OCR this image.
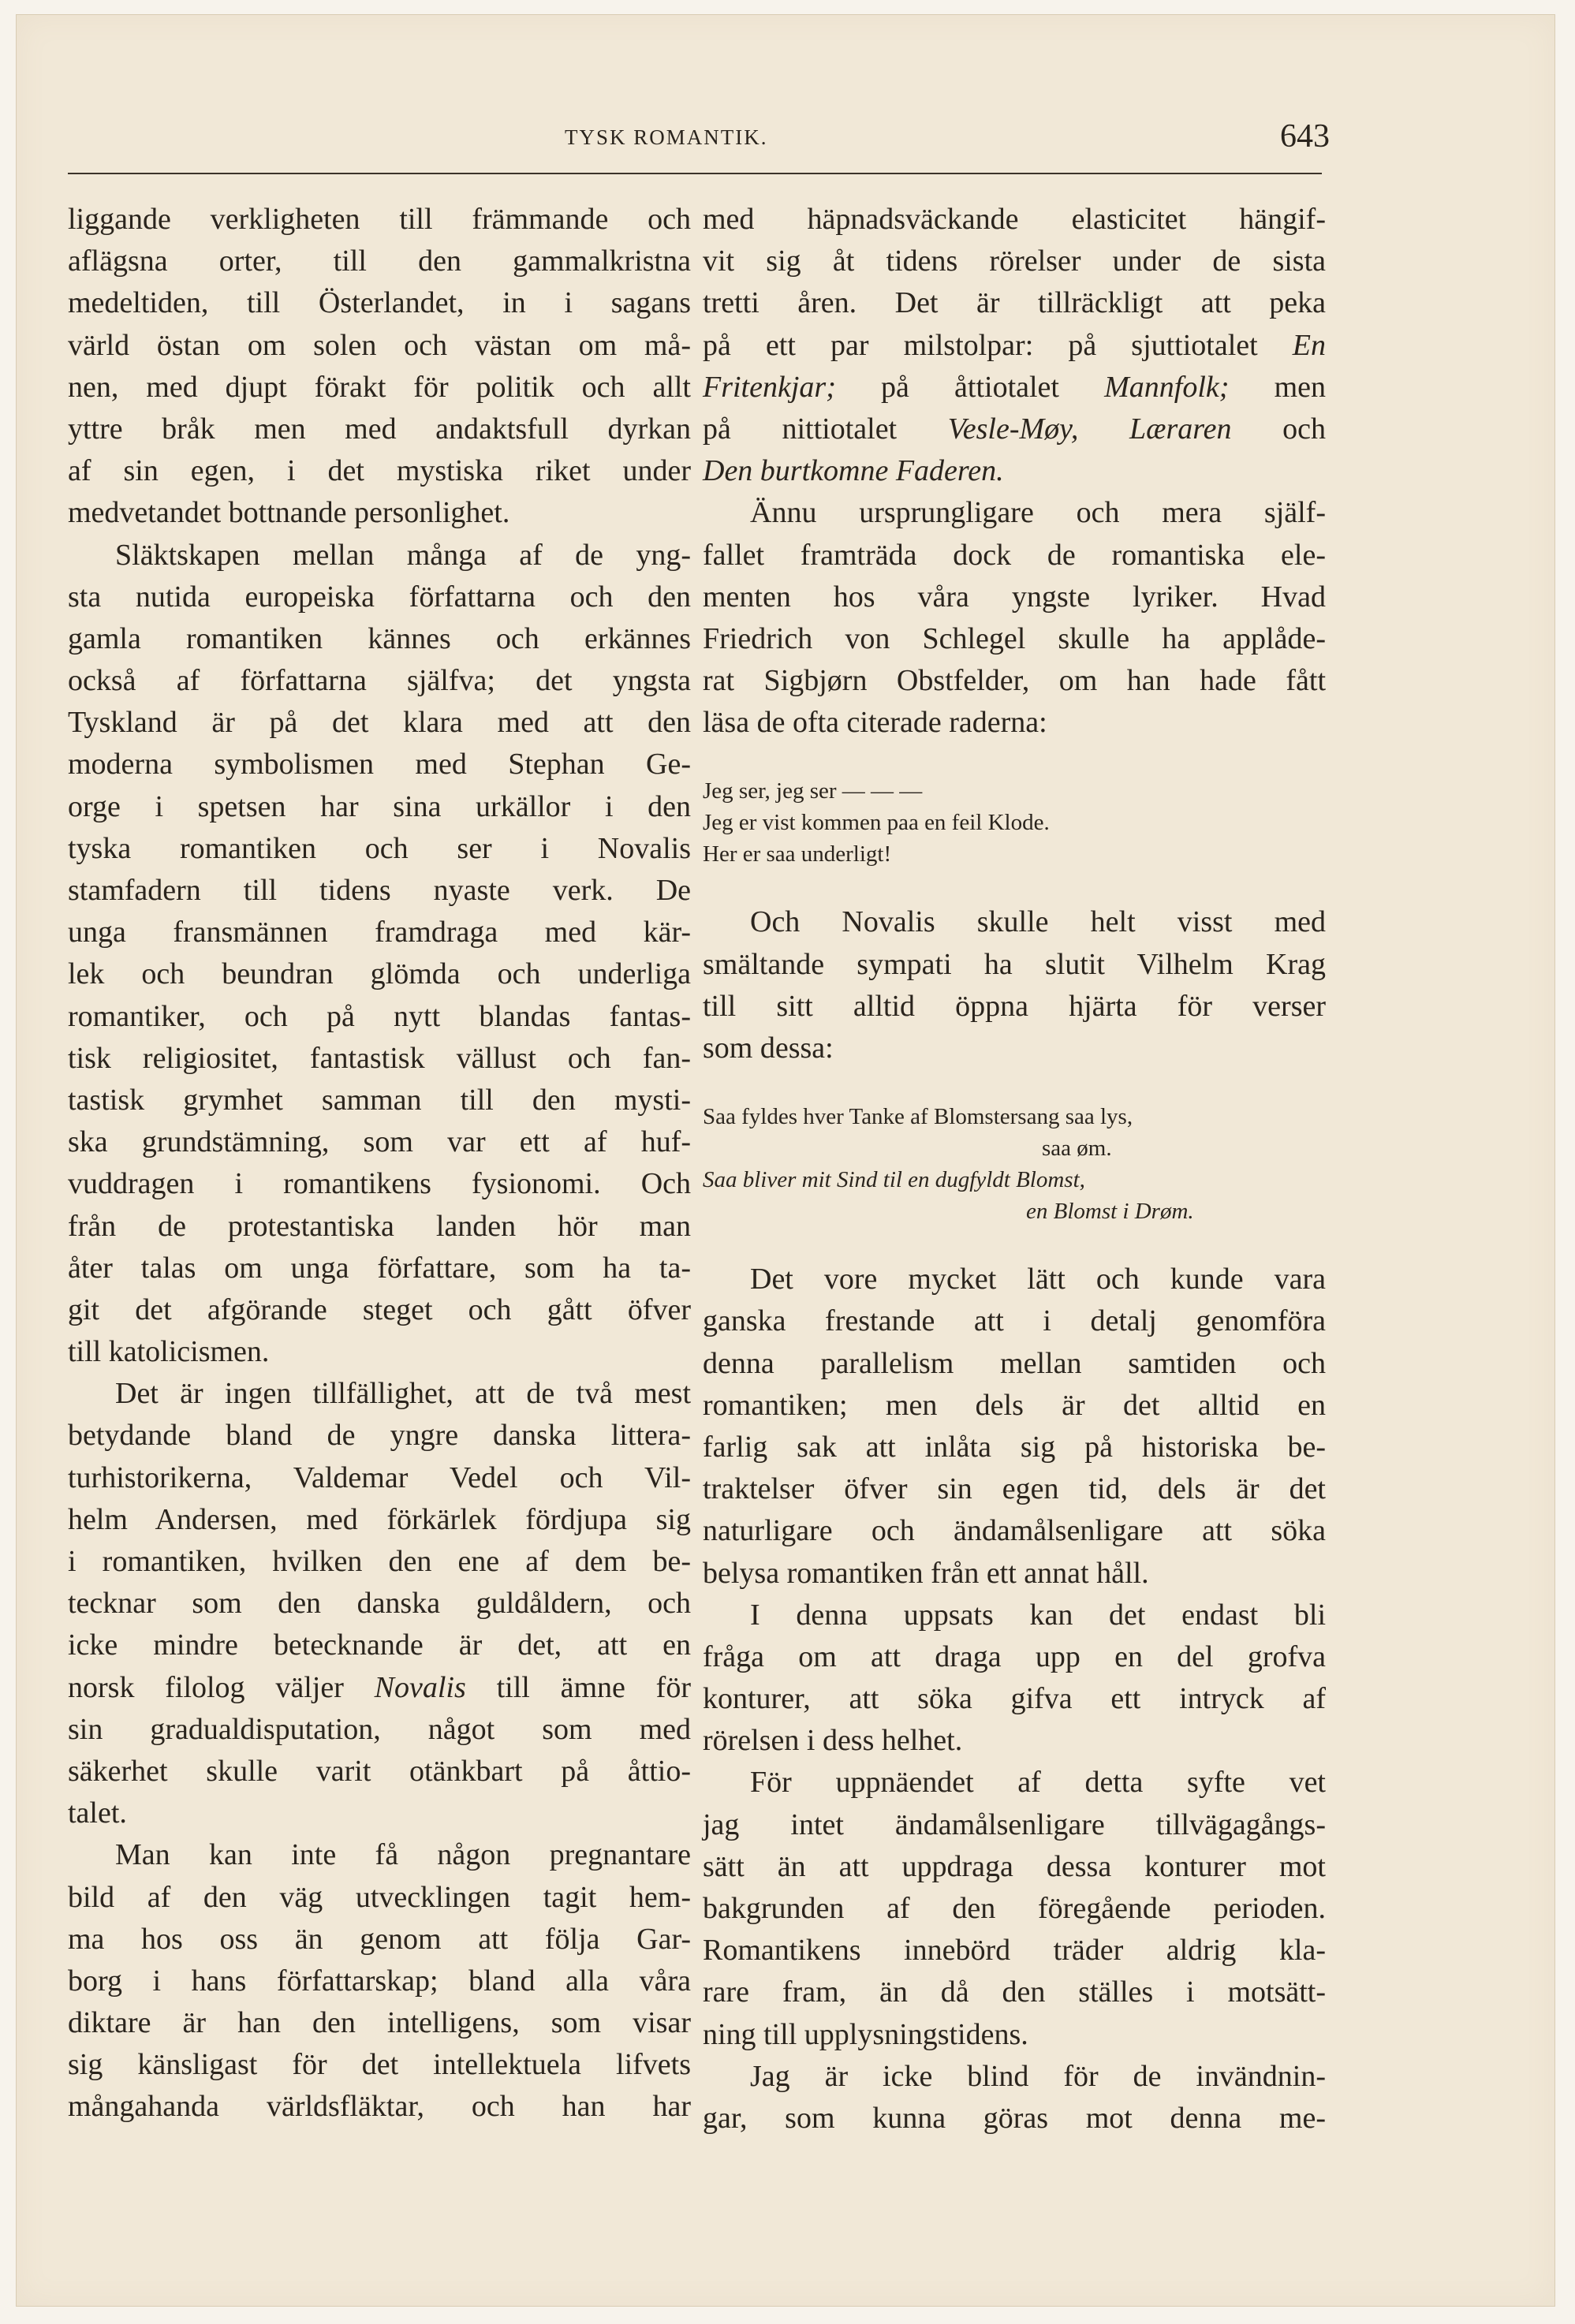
TYSK ROMANTIK.	643
liggande verkligheten till främmande och
aflägsna orter, till den gammalkristna
medeltiden, till Österlandet, in i sagans
värld östan om solen och västan om må-
nen, med djupt förakt för politik och allt
yttre bråk men med andaktsfull dyrkan
af sin egen, i det mystiska riket under
medvetandet bottnande personlighet.
Släktskapen mellan många af de yng-
sta nutida europeiska författarna och den
gamla romantiken kännes och erkännes
också af författarna själfva; det yngsta
Tyskland är på det klara med att den
moderna symbolismen med Stephan Ge-
orge i spetsen har sina urkällor i den
tyska romantiken och ser i Novalis
stamfadern till tidens nyaste verk. De
unga fransmännen framdraga med kär-
lek och beundran glömda och underliga
romantiker, och på nytt blandas fantas-
tisk religiositet, fantastisk vällust och fan-
tastisk grymhet samman till den mysti-
ska grundstämning, som var ett af huf-
vuddragen i romantikens fysionomi. Och
från de protestantiska landen hör man
åter talas om unga författare, som ha ta-
git det afgörande steget och gått öfver
till katolicismen.
Det är ingen tillfällighet, att de två mest
betydande bland de yngre danska littera-
turhistorikerna, Valdemar Vedel och Vil-
helm Andersen, med förkärlek fördjupa sig
i romantiken, hvilken den ene af dem be-
tecknar som den danska guldåldern, och
icke mindre betecknande är det, att en
norsk filolog väljer Novalis till ämne för
sin gradualdisputation, något som med
säkerhet skulle varit otänkbart på åttio-
talet.
Man kan inte få någon pregnantare
bild af den väg utvecklingen tagit hem-
ma hos oss än genom att följa Gar-
borg i hans författarskap; bland alla våra
diktare är han den intelligens, som visar
sig känsligast för det intellektuela lifvets
mångahanda världsfläktar, och han har
med häpnadsväckande elasticitet hängif-
vit sig åt tidens rörelser under de sista
tretti åren. Det är tillräckligt att peka
på ett par milstolpar: på sjuttiotalet En
Fritenkjar; på åttiotalet Mannfolk; men
på nittiotalet Vesle-Møy, Læraren och
Den burtkomne Faderen.
Ännu ursprungligare och mera själf-
fallet framträda dock de romantiska ele-
menten hos våra yngste lyriker. Hvad
Friedrich von Schlegel skulle ha applåde-
rat Sigbjørn Obstfelder, om han hade fått
läsa de ofta citerade raderna:
Jeg ser, jeg ser — — —
Jeg er vist kommen paa en feil Klode.
Her er saa underligt!
Och Novalis skulle helt visst med
smältande sympati ha slutit Vilhelm Krag
till sitt alltid öppna hjärta för verser
som dessa:
Saa fyldes hver Tanke af Blomstersang saa lys,
saa øm.
Saa bliver mit Sind til en dugfyldt Blomst,
en Blomst i Drøm.
Det vore mycket lätt och kunde vara
ganska frestande att i detalj genomföra
denna parallelism mellan samtiden och
romantiken; men dels är det alltid en
farlig sak att inlåta sig på historiska be-
traktelser öfver sin egen tid, dels är det
naturligare och ändamålsenligare att söka
belysa romantiken från ett annat håll.
I denna uppsats kan det endast bli
fråga om att draga upp en del grofva
konturer, att söka gifva ett intryck af
rörelsen i dess helhet.
För uppnäendet af detta syfte vet
jag intet ändamålsenligare tillvägagångs-
sätt än att uppdraga dessa konturer mot
bakgrunden af den föregående perioden.
Romantikens innebörd träder aldrig kla-
rare fram, än då den ställes i motsätt-
ning till upplysningstidens.
Jag är icke blind för de invändnin-
gar, som kunna göras mot denna me-
